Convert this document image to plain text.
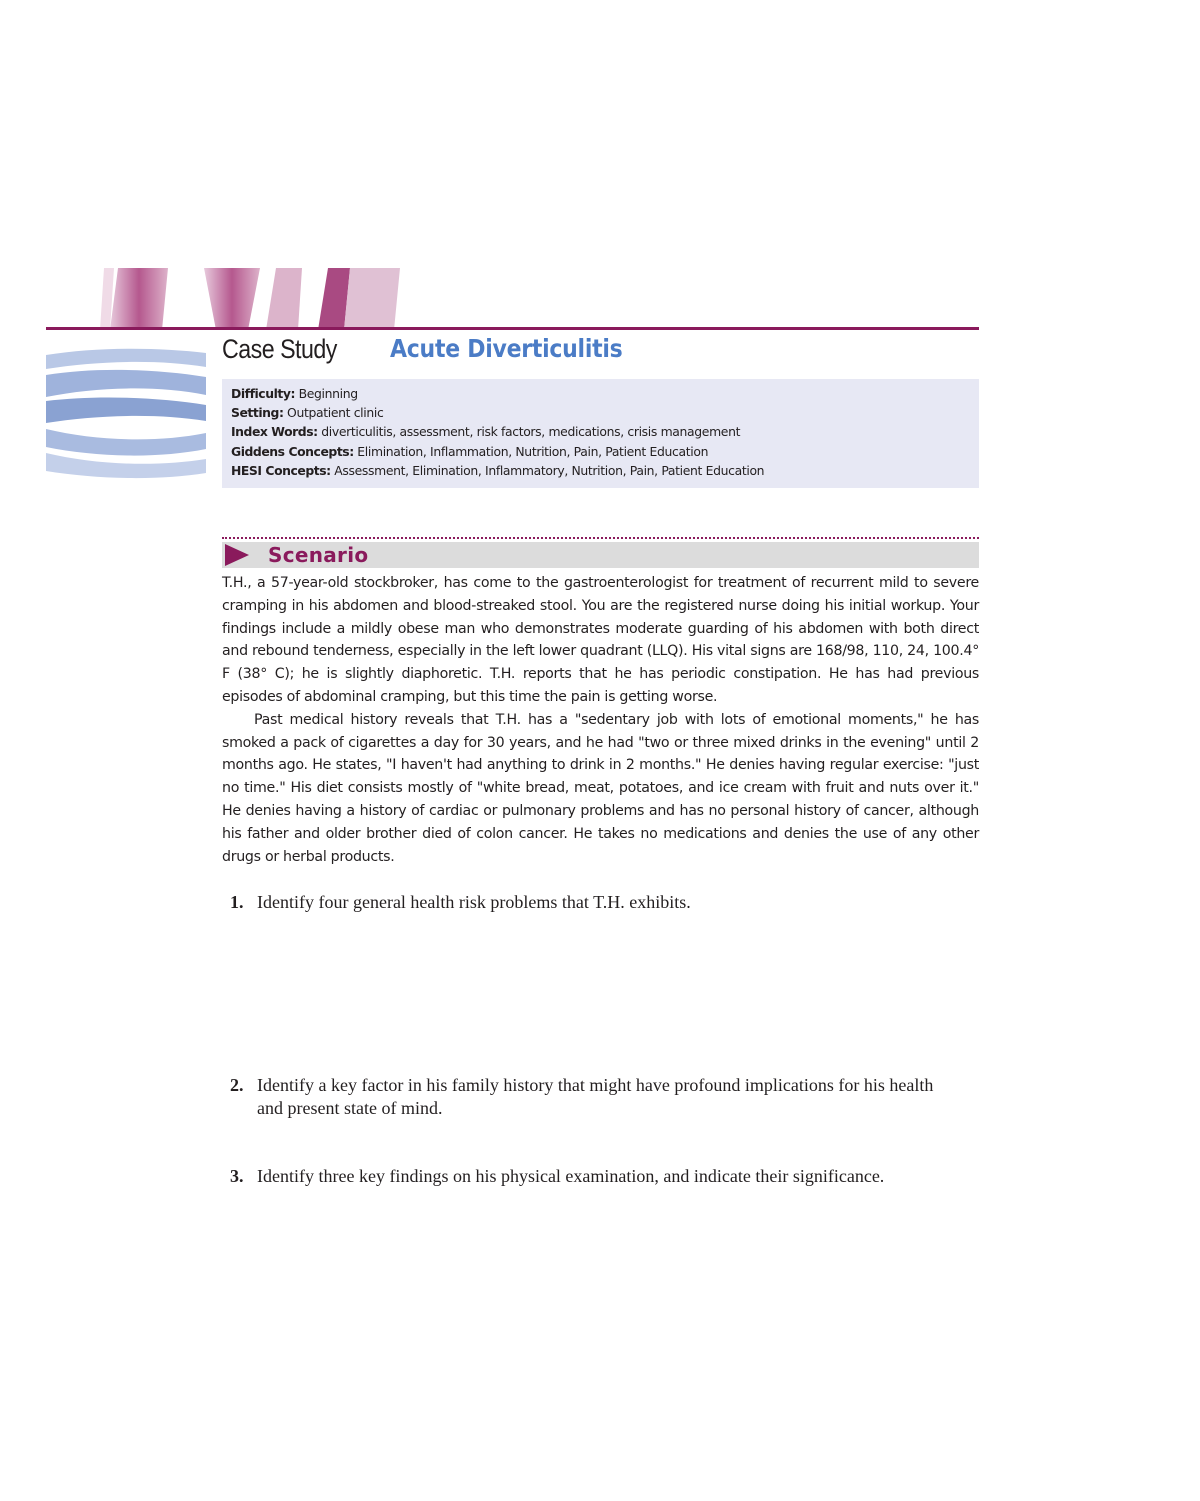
Case Study Acute Diverticulitis
Difficulty: Beginning
Setting: Outpatient clinic
Index Words: diverticulitis, assessment, risk factors, medications, crisis management
Giddens Concepts: Elimination, Inflammation, Nutrition, Pain, Patient Education
HESI Concepts: Assessment, Elimination, Inflammatory, Nutrition, Pain, Patient Education
Scenario

T.H., a 57-year-old stockbroker, has come to the gastroenterologist for treatment of recurrent mild to severe cramping in his abdomen and blood-streaked stool. You are the registered nurse doing his initial workup. Your findings include a mildly obese man who demonstrates moderate guarding of his abdomen with both direct and rebound tenderness, especially in the left lower quadrant (LLQ). His vital signs are 168/98, 110, 24, 100.4° F (38° C); he is slightly diaphoretic. T.H. reports that he has periodic constipation. He has had previous episodes of abdominal cramping, but this time the pain is getting worse.

Past medical history reveals that T.H. has a "sedentary job with lots of emotional moments," he has smoked a pack of cigarettes a day for 30 years, and he had "two or three mixed drinks in the evening" until 2 months ago. He states, "I haven't had anything to drink in 2 months." He denies having regular exercise: "just no time." His diet consists mostly of "white bread, meat, potatoes, and ice cream with fruit and nuts over it." He denies having a history of cardiac or pulmonary problems and has no personal history of cancer, although his father and older brother died of colon cancer. He takes no medications and denies the use of any other drugs or herbal products.

1. Identify four general health risk problems that T.H. exhibits.
2. Identify a key factor in his family history that might have profound implications for his health and present state of mind.
3. Identify three key findings on his physical examination, and indicate their significance.
